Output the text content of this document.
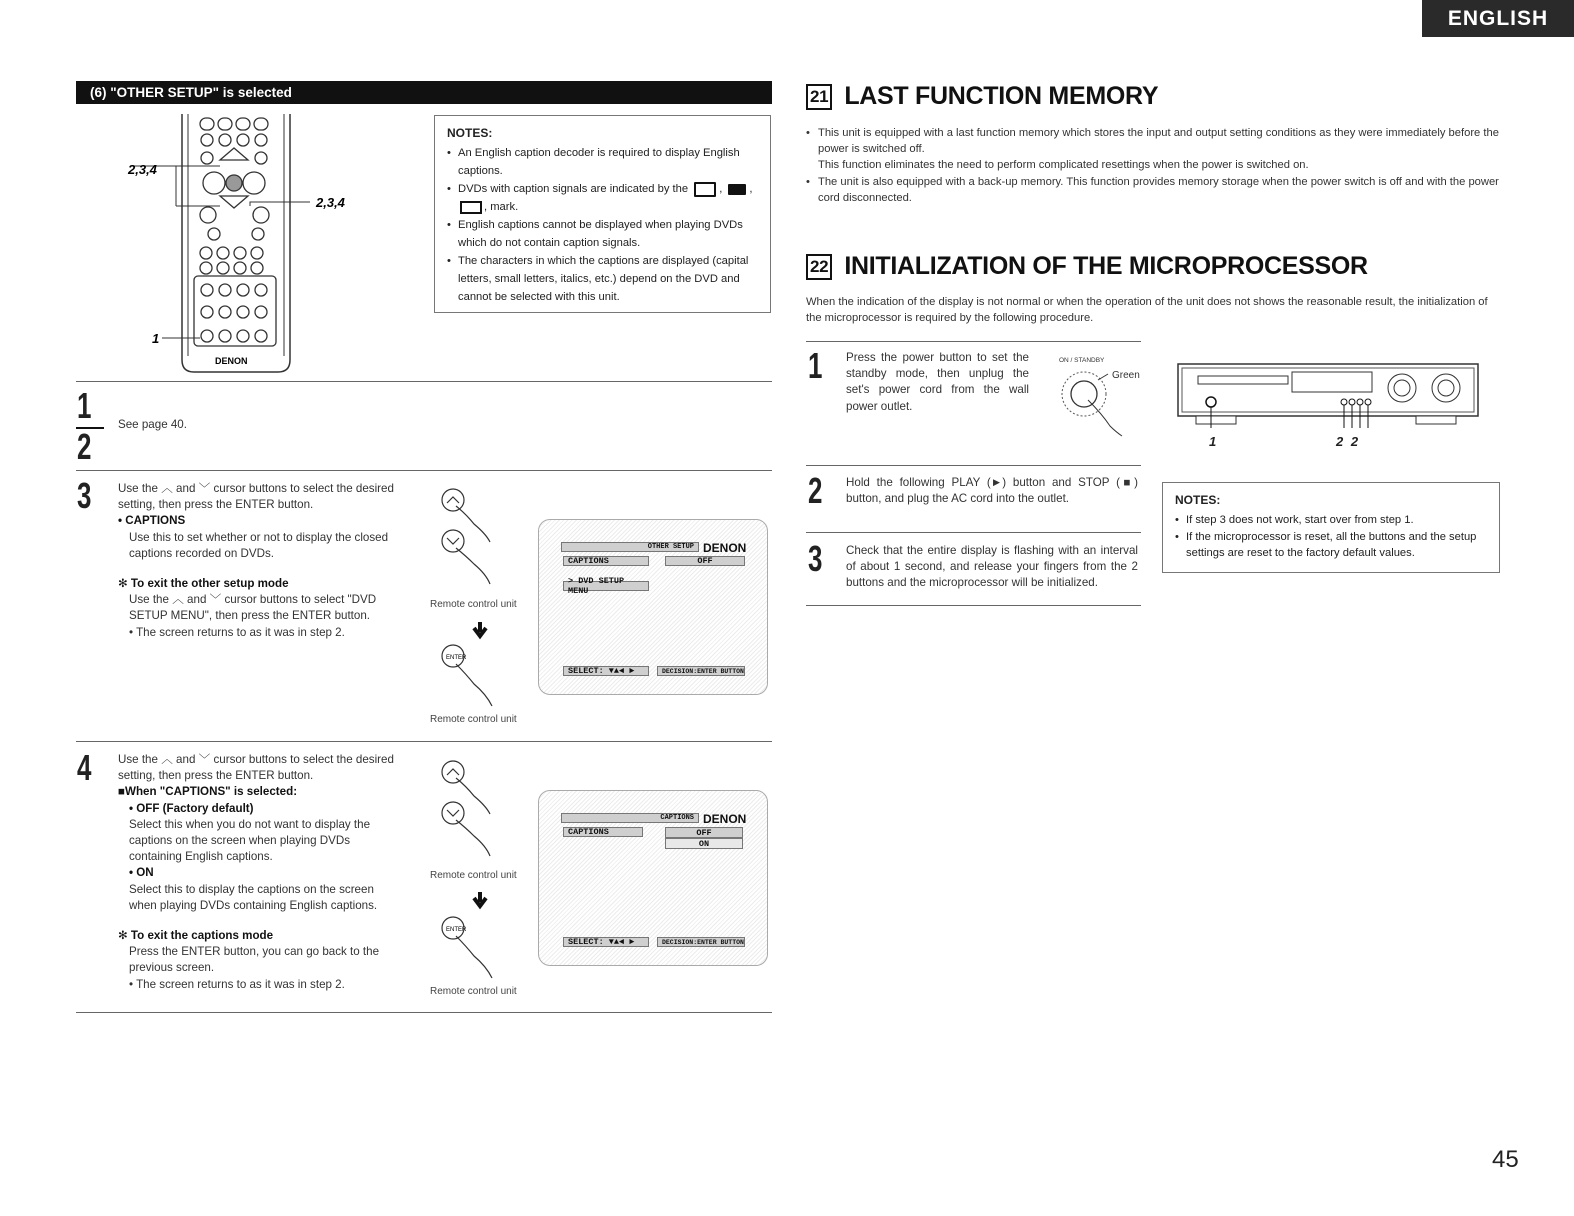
ENGLISH
(6) "OTHER SETUP" is selected
2,3,4
2,3,4
1
DENON
NOTES:
• An English caption decoder is required to display English captions.
• DVDs with caption signals are indicated by the	, , , mark.
• English captions cannot be displayed when playing DVDs which do not contain caption signals.
• The characters in which the captions are displayed (capital letters, small letters, italics, etc.) depend on the DVD and cannot be selected with this unit.
1
2
See page 40.
3 Use the ︿ and ﹀ cursor buttons to select the desired setting, then press the ENTER button.
• CAPTIONS
Use this to set whether or not to display the closed captions recorded on DVDs.
✻ To exit the other setup mode
Use the ︿ and ﹀ cursor buttons to select "DVD SETUP MENU", then press the ENTER button.
• The screen returns to as it was in step 2.
ENTER
Remote control unit
Remote control unit
OTHER SETUP DENON
CAPTIONS	OFF
> DVD SETUP MENU
SELECT: ▼▲◄ ►	DECISION:ENTER BUTTON
4 Use the ︿ and ﹀ cursor buttons to select the desired setting, then press the ENTER button.
■When "CAPTIONS" is selected:
• OFF (Factory default)
Select this when you do not want to display the captions on the screen when playing DVDs containing English captions.
• ON
Select this to display the captions on the screen when playing DVDs containing English captions.
✻ To exit the captions mode
Press the ENTER button, you can go back to the previous screen.
• The screen returns to as it was in step 2.
ENTER
Remote control unit
Remote control unit
CAPTIONS DENON
CAPTIONS	OFF
ON
SELECT: ▼▲◄ ►	DECISION:ENTER BUTTON
21 LAST FUNCTION MEMORY
• This unit is equipped with a last function memory which stores the input and output setting conditions as they were immediately before the power is switched off.
This function eliminates the need to perform complicated resettings when the power is switched on.
• The unit is also equipped with a back-up memory. This function provides memory storage when the power switch is off and with the power cord disconnected.
22 INITIALIZATION OF THE MICROPROCESSOR
When the indication of the display is not normal or when the operation of the unit does not shows the reasonable result, the initialization of the microprocessor is required by the following procedure.
1 Press the power button to set the standby mode, then unplug the set's power cord from the wall power outlet.
ON / STANDBY
Green
1	2 2
2 Hold the following PLAY (►) button and STOP (■) button, and plug the AC cord into the outlet.
3 Check that the entire display is flashing with an interval of about 1 second, and release your fingers from the 2 buttons and the microprocessor will be initialized.
NOTES:
• If step 3 does not work, start over from step 1.
• If the microprocessor is reset, all the buttons and the setup settings are reset to the factory default values.
45
